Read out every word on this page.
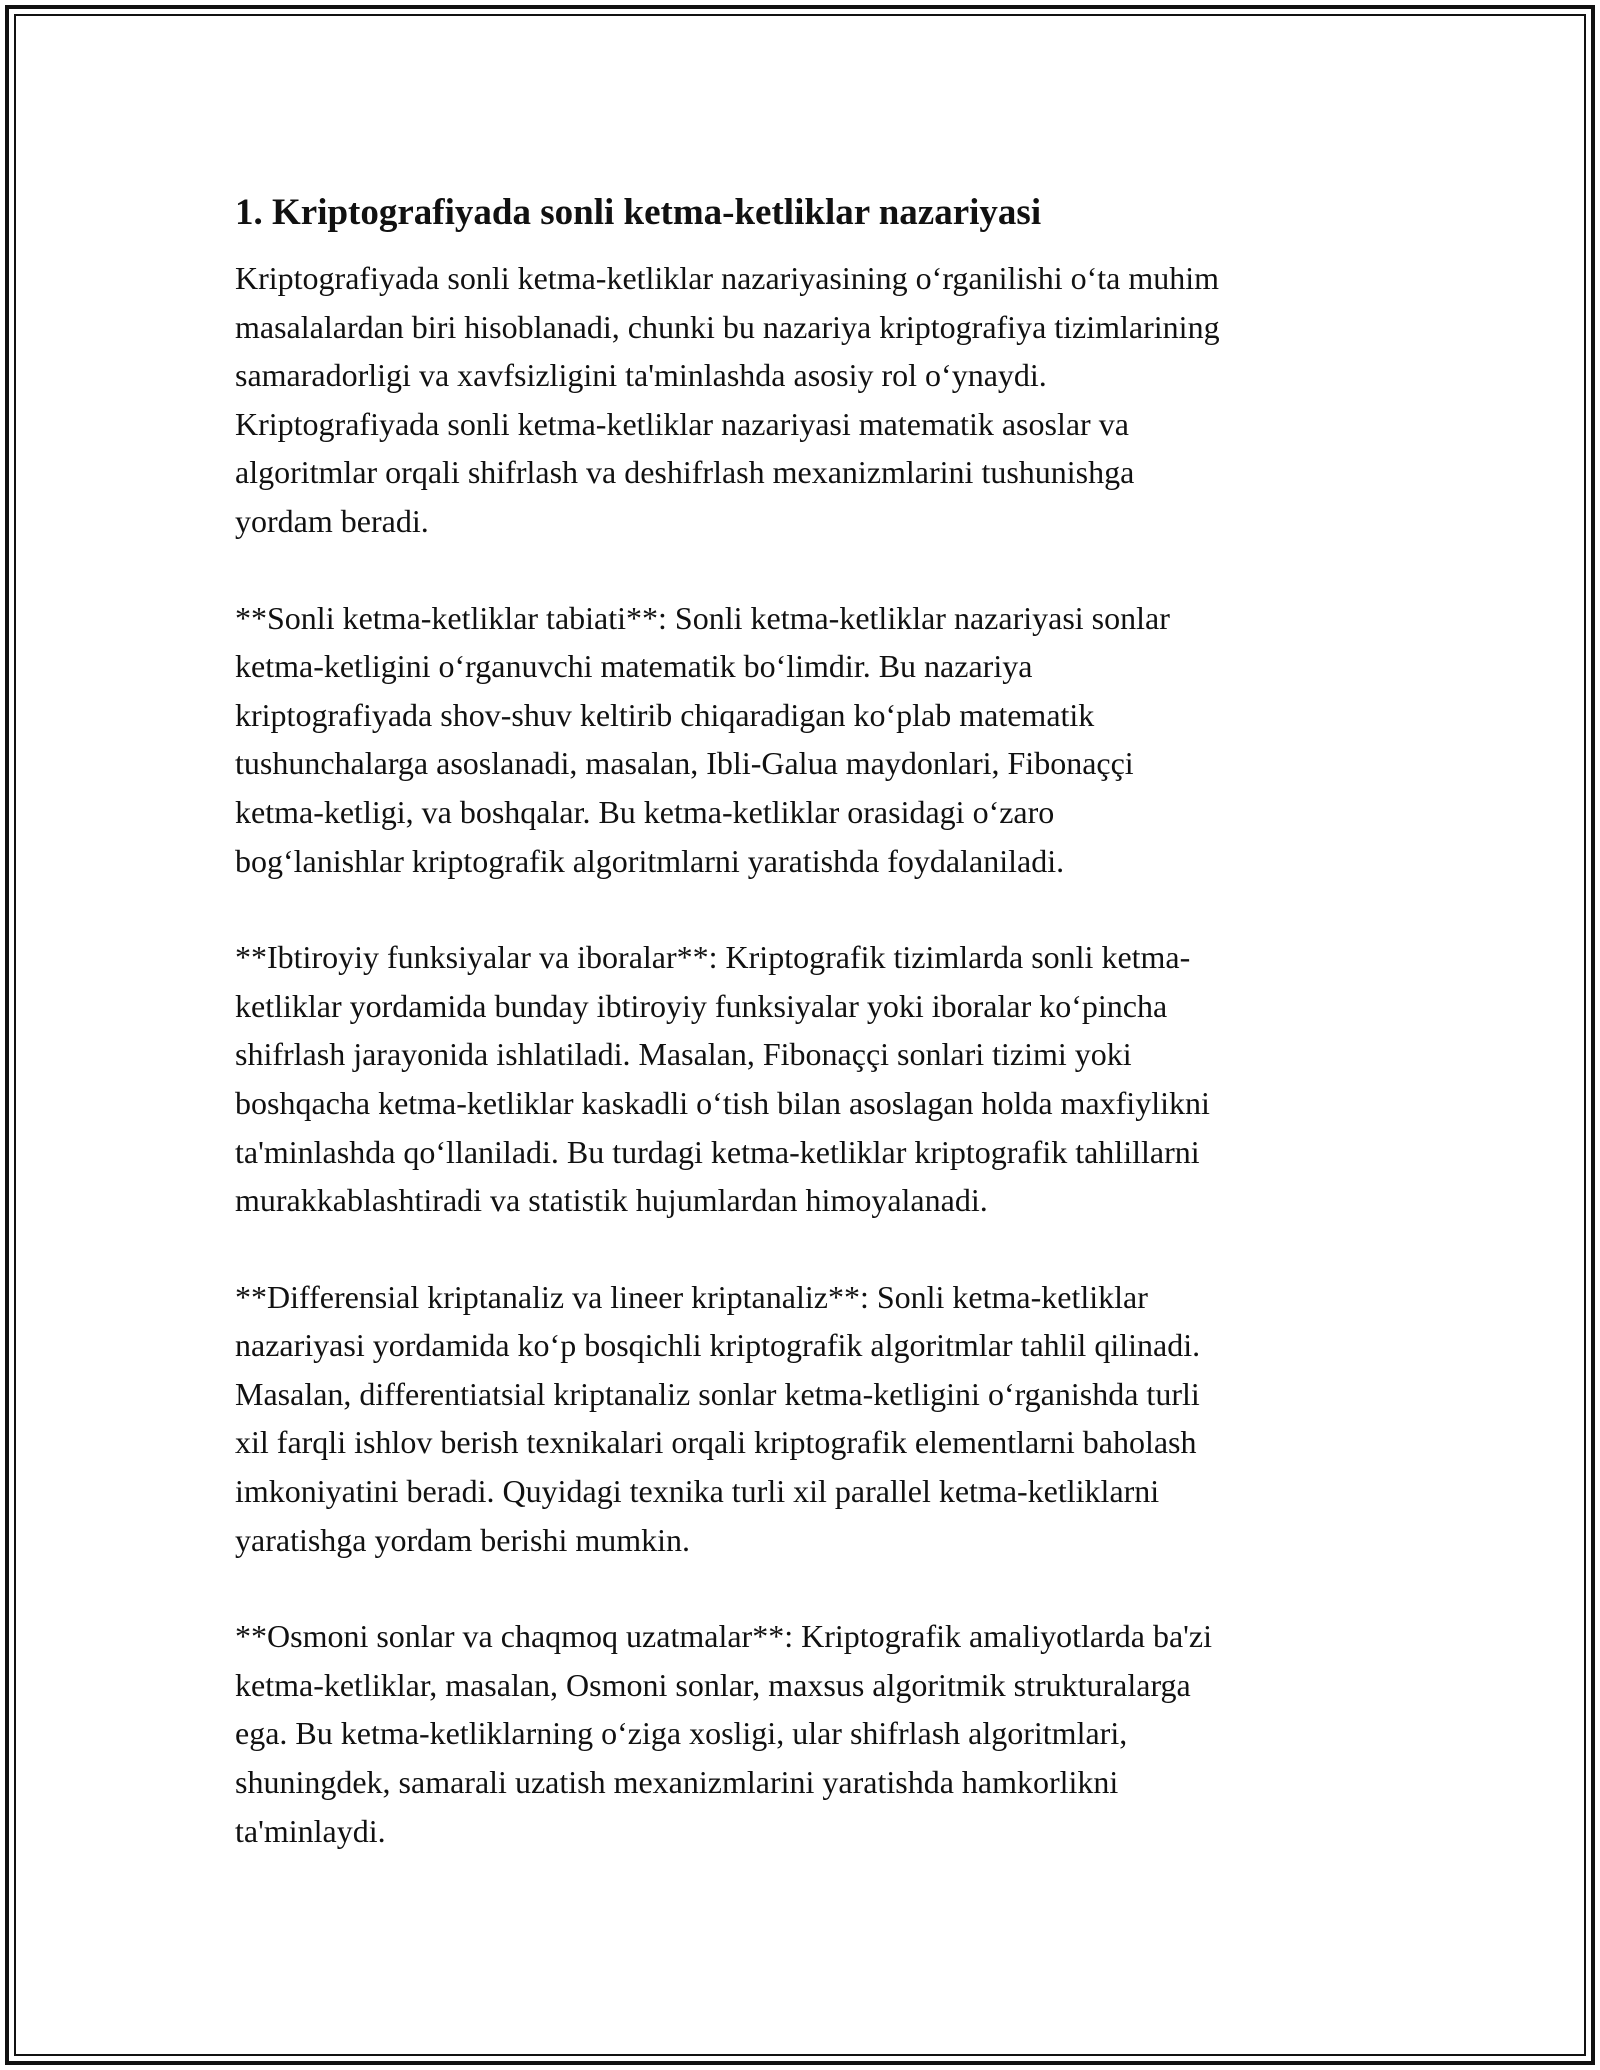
1. Kriptografiyada sonli ketma-ketliklar nazariyasi

Kriptografiyada sonli ketma-ketliklar nazariyasining o‘rganilishi o‘ta muhim
masalalardan biri hisoblanadi, chunki bu nazariya kriptografiya tizimlarining
samaradorligi va xavfsizligini ta'minlashda asosiy rol o‘ynaydi.
Kriptografiyada sonli ketma-ketliklar nazariyasi matematik asoslar va
algoritmlar orqali shifrlash va deshifrlash mexanizmlarini tushunishga
yordam beradi.

**Sonli ketma-ketliklar tabiati**: Sonli ketma-ketliklar nazariyasi sonlar
ketma-ketligini o‘rganuvchi matematik bo‘limdir. Bu nazariya
kriptografiyada shov-shuv keltirib chiqaradigan ko‘plab matematik
tushunchalarga asoslanadi, masalan, Ibli-Galua maydonlari, Fibonaççi
ketma-ketligi, va boshqalar. Bu ketma-ketliklar orasidagi o‘zaro
bog‘lanishlar kriptografik algoritmlarni yaratishda foydalaniladi.

**Ibtiroyiy funksiyalar va iboralar**: Kriptografik tizimlarda sonli ketma-
ketliklar yordamida bunday ibtiroyiy funksiyalar yoki iboralar ko‘pincha
shifrlash jarayonida ishlatiladi. Masalan, Fibonaççi sonlari tizimi yoki
boshqacha ketma-ketliklar kaskadli o‘tish bilan asoslagan holda maxfiylikni
ta'minlashda qo‘llaniladi. Bu turdagi ketma-ketliklar kriptografik tahlillarni
murakkablashtiradi va statistik hujumlardan himoyalanadi.

**Differensial kriptanaliz va lineer kriptanaliz**: Sonli ketma-ketliklar
nazariyasi yordamida ko‘p bosqichli kriptografik algoritmlar tahlil qilinadi.
Masalan, differentiatsial kriptanaliz sonlar ketma-ketligini o‘rganishda turli
xil farqli ishlov berish texnikalari orqali kriptografik elementlarni baholash
imkoniyatini beradi. Quyidagi texnika turli xil parallel ketma-ketliklarni
yaratishga yordam berishi mumkin.

**Osmoni sonlar va chaqmoq uzatmalar**: Kriptografik amaliyotlarda ba'zi
ketma-ketliklar, masalan, Osmoni sonlar, maxsus algoritmik strukturalarga
ega. Bu ketma-ketliklarning o‘ziga xosligi, ular shifrlash algoritmlari,
shuningdek, samarali uzatish mexanizmlarini yaratishda hamkorlikni
ta'minlaydi.
